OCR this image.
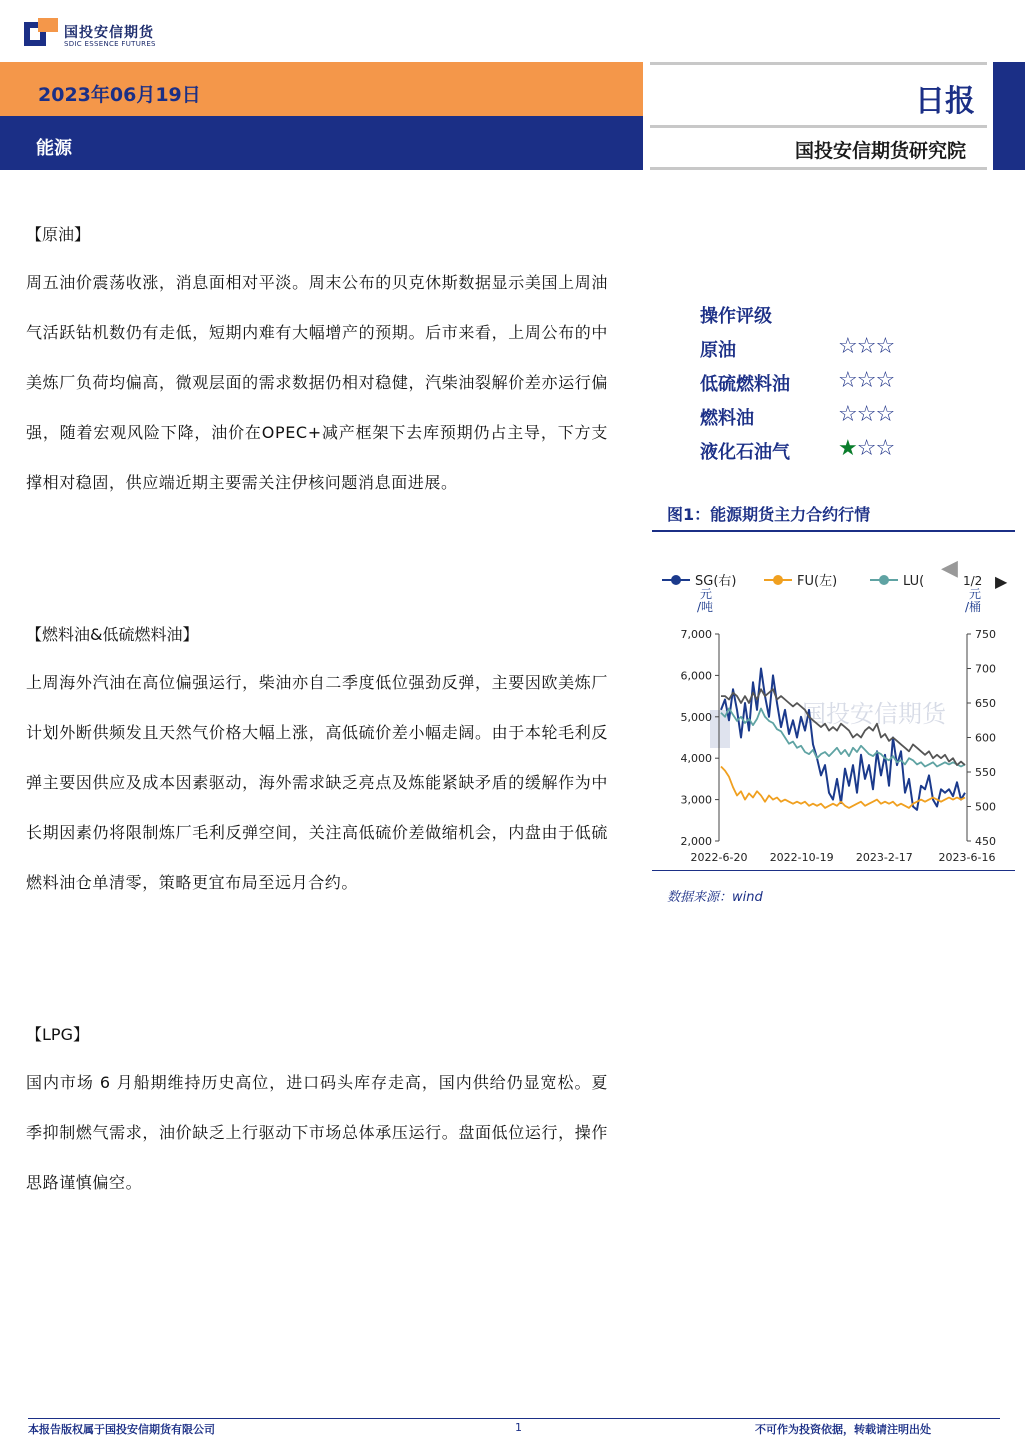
国投安信期货
SDIC ESSENCE FUTURES
2023年06月19日
能源
日报
国投安信期货研究院
【原油】
周五油价震荡收涨，消息面相对平淡。周末公布的贝克休斯数据显示美国上周油气活跃钻机数仍有走低，短期内难有大幅增产的预期。后市来看，上周公布的中美炼厂负荷均偏高，微观层面的需求数据仍相对稳健，汽柴油裂解价差亦运行偏强，随着宏观风险下降，油价在OPEC+减产框架下去库预期仍占主导，下方支撑相对稳固，供应端近期主要需关注伊核问题消息面进展。
【燃料油&低硫燃料油】
上周海外汽油在高位偏强运行，柴油亦自二季度低位强劲反弹，主要因欧美炼厂计划外断供频发且天然气价格大幅上涨，高低硫价差小幅走阔。由于本轮毛利反弹主要因供应及成本因素驱动，海外需求缺乏亮点及炼能紧缺矛盾的缓解作为中长期因素仍将限制炼厂毛利反弹空间，关注高低硫价差做缩机会，内盘由于低硫燃料油仓单清零，策略更宜布局至远月合约。
【LPG】
国内市场 6 月船期维持历史高位，进口码头库存走高，国内供给仍显宽松。夏季抑制燃气需求，油价缺乏上行驱动下市场总体承压运行。盘面低位运行，操作思路谨慎偏空。
操作评级
原油	☆☆☆
低硫燃料油 ☆☆☆
燃料油	☆☆☆
液化石油气 ★☆☆
图1：能源期货主力合约行情
国投安信期货
SG(右)	FU(左)	LU(
◀ 1/2 ▶
元
/吨
元
/桶
2,000
3,000
4,000
5,000
6,000
7,000
450
500
550
600
650
700
750
2022-6-20 2022-10-19 2023-2-17 2023-6-16
数据来源：wind
本报告版权属于国投安信期货有限公司	1	不可作为投资依据，转载请注明出处
